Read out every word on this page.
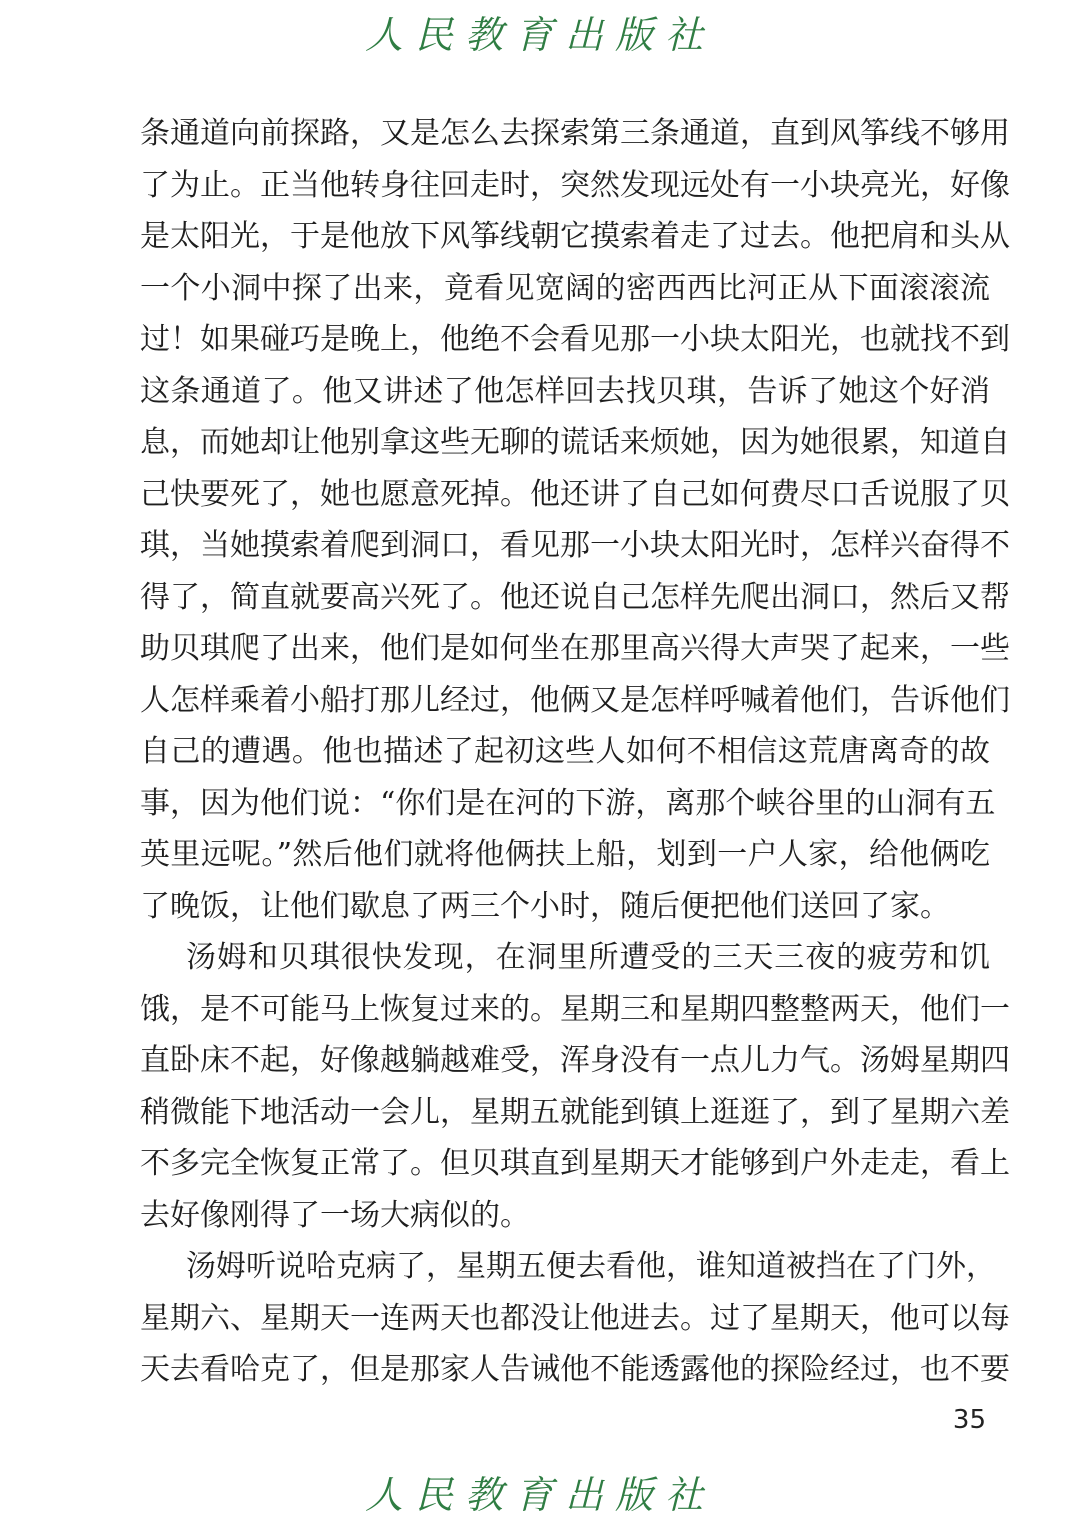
人民教育出版社
条通道向前探路，又是怎么去探索第三条通道，直到风筝线不够用
了为止。正当他转身往回走时，突然发现远处有一小块亮光，好像
是太阳光，于是他放下风筝线朝它摸索着走了过去。他把肩和头从
一个小洞中探了出来，竟看见宽阔的密西西比河正从下面滚滚流
过！如果碰巧是晚上，他绝不会看见那一小块太阳光，也就找不到
这条通道了。他又讲述了他怎样回去找贝琪，告诉了她这个好消
息，而她却让他别拿这些无聊的谎话来烦她，因为她很累，知道自
己快要死了，她也愿意死掉。他还讲了自己如何费尽口舌说服了贝
琪，当她摸索着爬到洞口，看见那一小块太阳光时，怎样兴奋得不
得了，简直就要高兴死了。他还说自己怎样先爬出洞口，然后又帮
助贝琪爬了出来，他们是如何坐在那里高兴得大声哭了起来，一些
人怎样乘着小船打那儿经过，他俩又是怎样呼喊着他们，告诉他们
自己的遭遇。他也描述了起初这些人如何不相信这荒唐离奇的故
事，因为他们说：“你们是在河的下游，离那个峡谷里的山洞有五
英里远呢。”然后他们就将他俩扶上船，划到一户人家，给他俩吃
了晚饭，让他们歇息了两三个小时，随后便把他们送回了家。
汤姆和贝琪很快发现，在洞里所遭受的三天三夜的疲劳和饥
饿，是不可能马上恢复过来的。星期三和星期四整整两天，他们一
直卧床不起，好像越躺越难受，浑身没有一点儿力气。汤姆星期四
稍微能下地活动一会儿，星期五就能到镇上逛逛了，到了星期六差
不多完全恢复正常了。但贝琪直到星期天才能够到户外走走，看上
去好像刚得了一场大病似的。
汤姆听说哈克病了，星期五便去看他，谁知道被挡在了门外，
星期六、星期天一连两天也都没让他进去。过了星期天，他可以每
天去看哈克了，但是那家人告诫他不能透露他的探险经过，也不要
35
人民教育出版社
